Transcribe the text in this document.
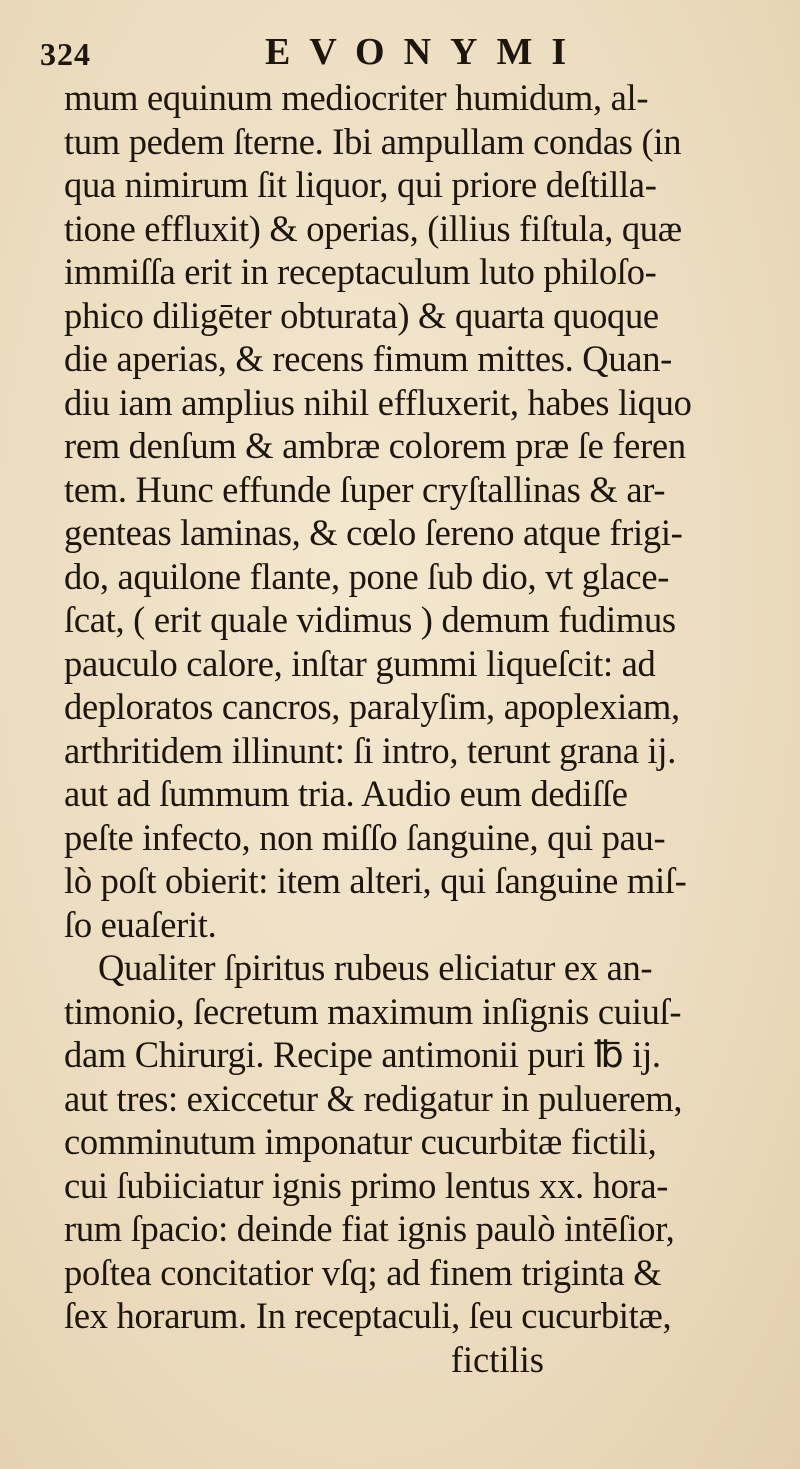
324	EVONYMI
mum equinum mediocriter humidum, al-
tum pedem ſterne. Ibi ampullam condas (in
qua nimirum ſit liquor, qui priore deſtilla-
tione effluxit) & operias, (illius fiſtula, quæ
immiſſa erit in receptaculum luto philoſo-
phico diligēter obturata) & quarta quoque
die aperias, & recens fimum mittes. Quan-
diu iam amplius nihil effluxerit, habes liquo
rem denſum & ambræ colorem præ ſe feren
tem. Hunc effunde ſuper cryſtallinas & ar-
genteas laminas, & cœlo ſereno atque frigi-
do, aquilone flante, pone ſub dio, vt glace-
ſcat, ( erit quale vidimus ) demum fudimus
pauculo calore, inſtar gummi liqueſcit: ad
deploratos cancros, paralyſim, apoplexiam,
arthritidem illinunt: ſi intro, terunt grana ij.
aut ad ſummum tria. Audio eum dediſſe
peſte infecto, non miſſo ſanguine, qui pau-
lò poſt obierit: item alteri, qui ſanguine miſ-
ſo euaſerit.
Qualiter ſpiritus rubeus eliciatur ex an-
timonio, ſecretum maximum inſignis cuiuſ-
dam Chirurgi. Recipe antimonii puri ℔ ij.
aut tres: exiccetur & redigatur in puluerem,
comminutum imponatur cucurbitæ fictili,
cui ſubiiciatur ignis primo lentus xx. hora-
rum ſpacio: deinde fiat ignis paulò intēſior,
poſtea concitatior vſq; ad finem triginta &
ſex horarum. In receptaculi, ſeu cucurbitæ,
fictilis
